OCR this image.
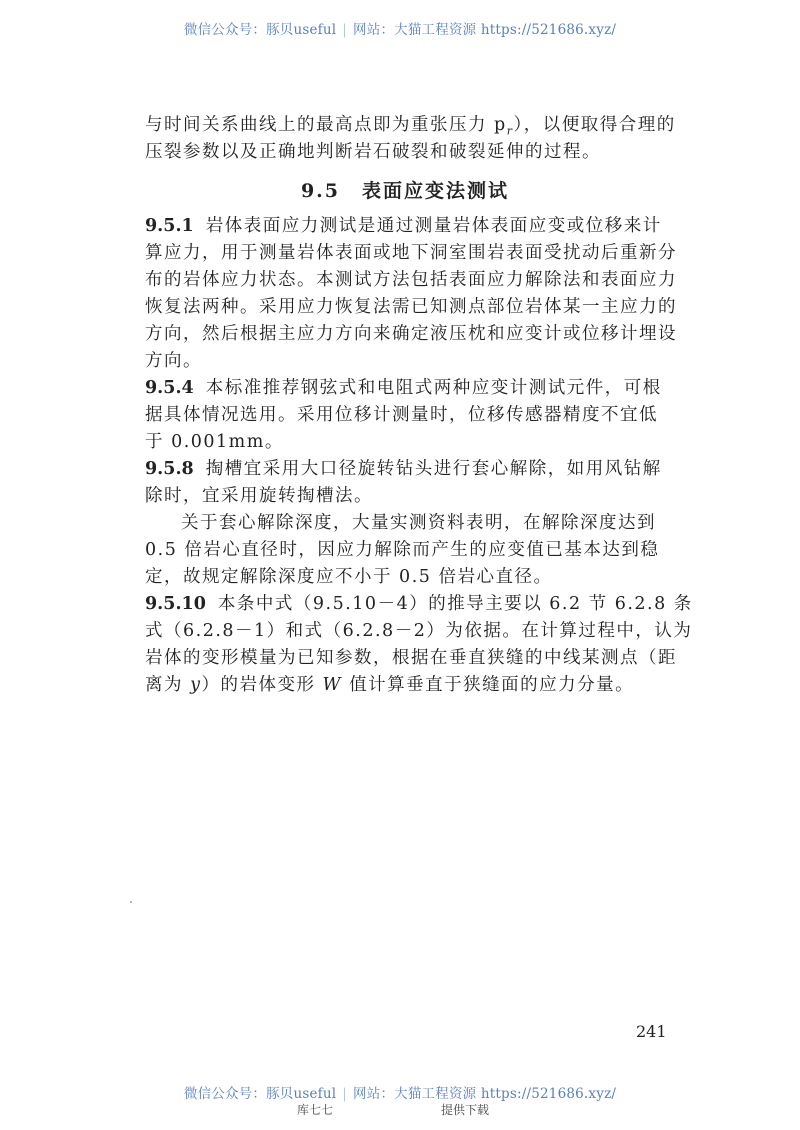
微信公众号：豚贝useful | 网站：大猫工程资源 https://521686.xyz/
与时间关系曲线上的最高点即为重张压力 $p_r$），以便取得合理的
压裂参数以及正确地判断岩石破裂和破裂延伸的过程。
9.5 表面应变法测试
9.5.1 岩体表面应力测试是通过测量岩体表面应变或位移来计
算应力，用于测量岩体表面或地下洞室围岩表面受扰动后重新分
布的岩体应力状态。本测试方法包括表面应力解除法和表面应力
恢复法两种。采用应力恢复法需已知测点部位岩体某一主应力的
方向，然后根据主应力方向来确定液压枕和应变计或位移计埋设
方向。
9.5.4 本标准推荐钢弦式和电阻式两种应变计测试元件，可根
据具体情况选用。采用位移计测量时，位移传感器精度不宜低
于 0.001mm。
9.5.8 掏槽宜采用大口径旋转钻头进行套心解除，如用风钻解
除时，宜采用旋转掏槽法。
关于套心解除深度，大量实测资料表明，在解除深度达到
0.5 倍岩心直径时，因应力解除而产生的应变值已基本达到稳
定，故规定解除深度应不小于 0.5 倍岩心直径。
9.5.10 本条中式（9.5.10－4）的推导主要以 6.2 节 6.2.8 条
式（6.2.8－1）和式（6.2.8－2）为依据。在计算过程中，认为
岩体的变形模量为已知参数，根据在垂直狭缝的中线某测点（距
离为 y）的岩体变形 W 值计算垂直于狭缝面的应力分量。
241
微信公众号：豚贝useful | 网站：大猫工程资源 https://521686.xyz/
库七七	提供下载
